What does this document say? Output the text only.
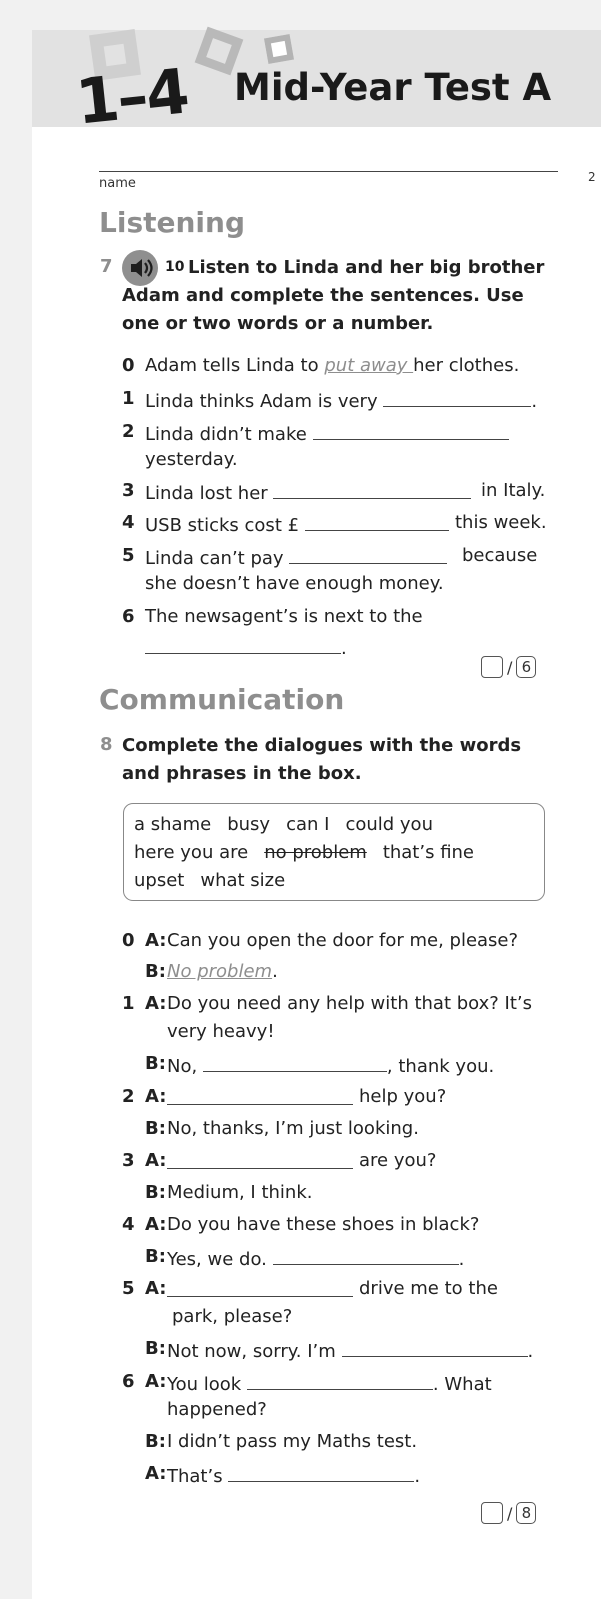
1–4 Mid-Year Test A
name	2
Listening
7	10 Listen to Linda and her big brother Adam and complete the sentences. Use one or two words or a number.
0 Adam tells Linda to put away her clothes.
1 Linda thinks Adam is very	.
2 Linda didn’t make
yesterday.
3 Linda lost her	in Italy.
4 USB sticks cost £	this week.
5 Linda can’t pay	because
she doesn’t have enough money.
6 The newsagent’s is next to the
.
/ 6
Communication
8 Complete the dialogues with the words and phrases in the box.
a shame busy can I could you
here you are no problem that’s fine
upset what size
0 A: Can you open the door for me, please?
B: No problem.
1 A: Do you need any help with that box? It’s
very heavy!
B: No,	, thank you.
2 A:	help you?
B: No, thanks, I’m just looking.
3 A:	are you?
B: Medium, I think.
4 A: Do you have these shoes in black?
B: Yes, we do.	.
5 A:	drive me to the
park, please?
B: Not now, sorry. I’m	.
6 A: You look	. What
happened?
B: I didn’t pass my Maths test.
A: That’s	.
/ 8
